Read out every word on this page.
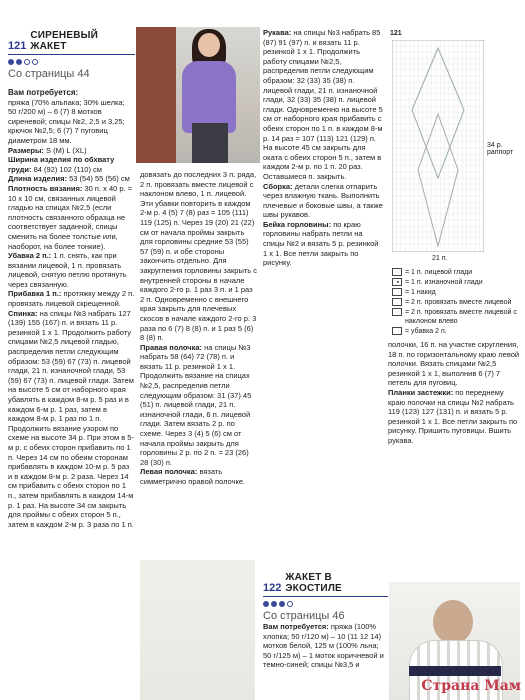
121
СИРЕНЕВЫЙ ЖАКЕТ
Со страницы 44

Вам потребуется:
пряжа (70% альпака; 30% шелка; 50 г/200 м) – 6 (7) 8 мотков сиреневой; спицы №2, 2,5 и 3,25; крючок №2,5; 6 (7) 7 пуговиц диаметром 18 мм.

Размеры: S (M) L (XL)

Ширина изделия по обхвату груди: 84 (92) 102 (110) см

Длина изделия: 53 (54) 55 (56) см

Плотность вязания: 30 п. х 40 р. = 10 х 10 см, связанных лицевой гладью на спицах №2,5 (если плотность связанного образца не соответствует заданной, спицы сменить на более толстые или, наоборот, на более тонкие).

Убавка 2 п.: 1 п. снять, как при вязании лицевой, 1 п. провязать лицевой, снятую петлю протянуть через связанную.

Прибавка 1 п.: протяжку между 2 п. провязать лицевой скрещенной.

Спинка: на спицы №3 набрать 127 (139) 155 (167) п. и вязать 11 р. резинкой 1 х 1. Продолжить работу спицами №2,5 лицевой гладью, распределив петли следующим образом: 53 (59) 67 (73) п. лицевой глади, 21 п. изнаночной глади, 53 (59) 67 (73) п. лицевой глади. Затем на высоте 5 см от наборного края убавлять в каждом 8-м р. 5 раз и в каждом 6-м р. 1 раз, затем в каждом 8-м р. 1 раз по 1 п. Продолжить вязание узором по схеме на высоте 34 р. При этом в 5-м р. с обеих сторон прибавить по 1 п. Через 14 см по обеим сторонам прибавлять в каждом 10-м р. 5 раз и в каждом 8-м р. 2 раза. Через 14 см прибавить с обеих сторон по 1 п., затем прибавлять в каждом 14-м р. 1 раз. На высоте 34 см закрыть для проймы с обеих сторон 5 п., затем в каждом 2-м р. 3 раза по 1 п.

довязать до последних 3 п. ряда, 2 п. провязать вместе лицевой с наклоном влево, 1 п. лицевой. Эти убавки повторить в каждом 2-м р. 4 (5) 7 (8) раз = 105 (111) 119 (125) п. Через 19 (20) 21 (22) см от начала проймы закрыть для горловины средние 53 (55) 57 (59) п. и обе стороны закончить отдельно. Для закругления горловины закрыть с внутренней стороны в начале каждого 2-го р. 1 раз 3 п. и 1 раз 2 п. Одновременно с внешнего края закрыть для плечевых скосов в начале каждого 2-го р. 3 раза по 6 (7) 8 (8) п. и 1 раз 5 (6) 8 (8) п.

Правая полочка: на спицы №3 набрать 58 (64) 72 (78) п. и вязать 11 р. резинкой 1 х 1. Продолжить вязание на спицах №2,5, распределив петли следующим образом: 31 (37) 45 (51) п. лицевой глади, 21 п. изнаночной глади, 6 п. лицевой глади. Затем вязать 2 р. по схеме. Через 3 (4) 5 (6) см от начала проймы закрыть для горловины 2 р. по 2 п. = 23 (26) 28 (30) п.

Левая полочка: вязать симметрично правой полочке.

Рукава: на спицы №3 набрать 85 (87) 91 (97) п. и вязать 11 р. резинкой 1 х 1. Продолжить работу спицами №2,5, распределив петли следующим образом: 32 (33) 35 (38) п. лицевой глади, 21 п. изнаночной глади, 32 (33) 35 (38) п. лицевой глади. Одновременно на высоте 5 см от наборного края прибавить с обеих сторон по 1 п. в каждом 8-м р. 14 раз = 107 (113) 121 (129) п. На высоте 45 см закрыть для оката с обеих сторон 5 п., затем в каждом 2-м р. по 1 п. 20 раз. Оставшиеся п. закрыть.

Сборка: детали слегка отпарить через влажную ткань. Выполнить плечевые и боковые швы, а также швы рукавов.

Бейка горловины: по краю горловины набрать петли на спицы №2 и вязать 5 р. резинкой 1 х 1. Все петли закрыть по рисунку.

121
34 р. раппорт
21 п.
= 1 п. лицевой глади
= 1 п. изнаночной глади
= 1 накид
= 2 п. провязать вместе лицевой
= 2 п. провязать вместе лицевой с наклоном влево
= убавка 2 п.

полочки, 16 п. на участке скругления, 18 п. по горизонтальному краю левой полочки. Вязать спицами №2,5 резинкой 1 х 1, выполнив 6 (7) 7 петель для пуговиц.

Планки застежки: по переднему краю полочки на спицы №2 набрать 119 (123) 127 (131) п. и вязать 5 р. резинкой 1 х 1. Все петли закрыть по рисунку. Пришить пуговицы. Вшить рукава.

122
ЖАКЕТ В ЭКОСТИЛЕ
Со страницы 46

Вам потребуется: пряжа (100% хлопка; 50 г/120 м) – 10 (11 12 14) мотков белой, 125 м (100% льна; 50 г/125 м) – 1 моток коричневой и темно-синей; спицы №3,5 и

Страна Мам
